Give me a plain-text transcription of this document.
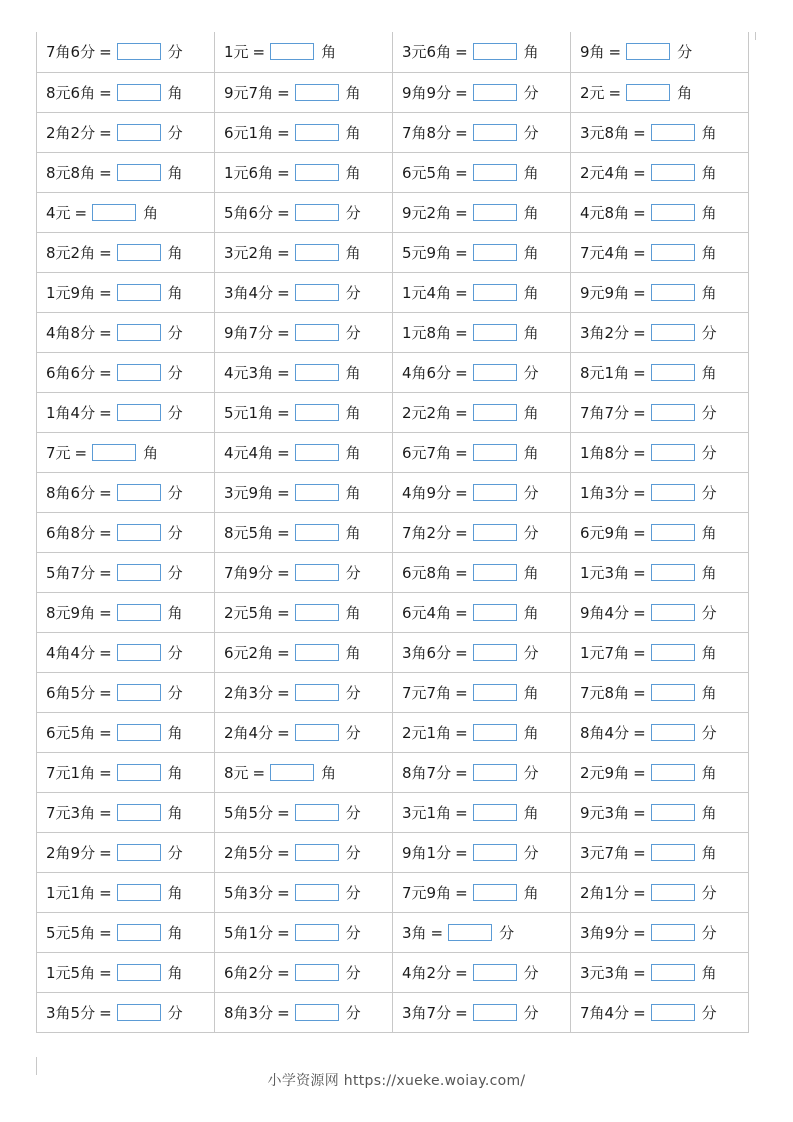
7角6分 = 分	1元 = 角	3元6角 = 角	9角 = 分
8元6角 = 角	9元7角 = 角	9角9分 = 分	2元 = 角
2角2分 = 分	6元1角 = 角	7角8分 = 分	3元8角 = 角
8元8角 = 角	1元6角 = 角	6元5角 = 角	2元4角 = 角
4元 = 角	5角6分 = 分	9元2角 = 角	4元8角 = 角
8元2角 = 角	3元2角 = 角	5元9角 = 角	7元4角 = 角
1元9角 = 角	3角4分 = 分	1元4角 = 角	9元9角 = 角
4角8分 = 分	9角7分 = 分	1元8角 = 角	3角2分 = 分
6角6分 = 分	4元3角 = 角	4角6分 = 分	8元1角 = 角
1角4分 = 分	5元1角 = 角	2元2角 = 角	7角7分 = 分
7元 = 角	4元4角 = 角	6元7角 = 角	1角8分 = 分
8角6分 = 分	3元9角 = 角	4角9分 = 分	1角3分 = 分
6角8分 = 分	8元5角 = 角	7角2分 = 分	6元9角 = 角
5角7分 = 分	7角9分 = 分	6元8角 = 角	1元3角 = 角
8元9角 = 角	2元5角 = 角	6元4角 = 角	9角4分 = 分
4角4分 = 分	6元2角 = 角	3角6分 = 分	1元7角 = 角
6角5分 = 分	2角3分 = 分	7元7角 = 角	7元8角 = 角
6元5角 = 角	2角4分 = 分	2元1角 = 角	8角4分 = 分
7元1角 = 角	8元 = 角	8角7分 = 分	2元9角 = 角
7元3角 = 角	5角5分 = 分	3元1角 = 角	9元3角 = 角
2角9分 = 分	2角5分 = 分	9角1分 = 分	3元7角 = 角
1元1角 = 角	5角3分 = 分	7元9角 = 角	2角1分 = 分
5元5角 = 角	5角1分 = 分	3角 = 分	3角9分 = 分
1元5角 = 角	6角2分 = 分	4角2分 = 分	3元3角 = 角
3角5分 = 分	8角3分 = 分	3角7分 = 分	7角4分 = 分
小学资源网 https://xueke.woiay.com/
